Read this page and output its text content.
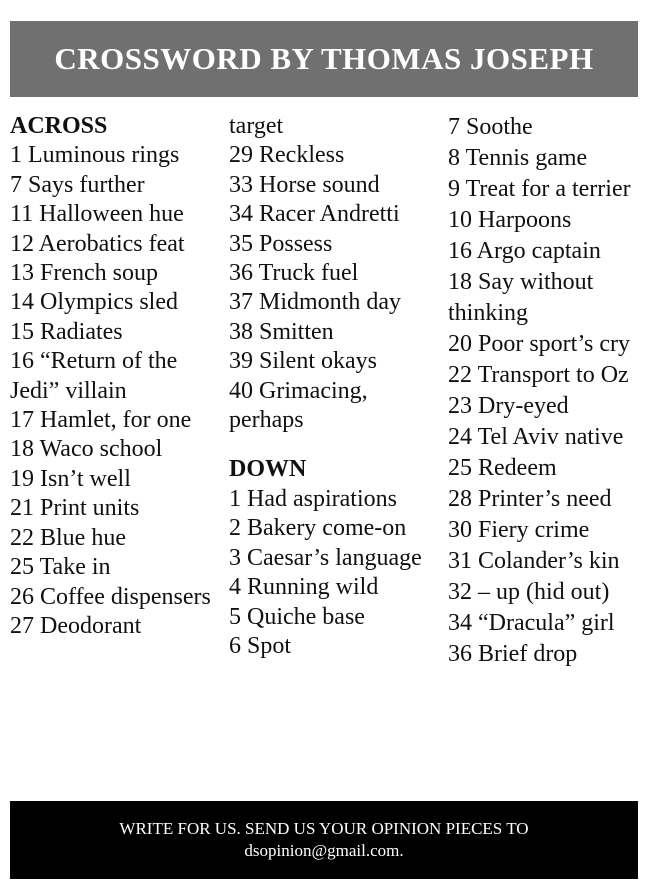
CROSSWORD BY THOMAS JOSEPH
ACROSS
1 Luminous rings
7 Says further
11 Halloween hue
12 Aerobatics feat
13 French soup
14 Olympics sled
15 Radiates
16 “Return of the Jedi” villain
17 Hamlet, for one
18 Waco school
19 Isn’t well
21 Print units
22 Blue hue
25 Take in
26 Coffee dispensers
27 Deodorant
target
29 Reckless
33 Horse sound
34 Racer Andretti
35 Possess
36 Truck fuel
37 Midmonth day
38 Smitten
39 Silent okays
40 Grimacing, perhaps
DOWN
1 Had aspirations
2 Bakery come-on
3 Caesar’s language
4 Running wild
5 Quiche base
6 Spot
7 Soothe
8 Tennis game
9 Treat for a terrier
10 Harpoons
16 Argo captain
18 Say without thinking
20 Poor sport’s cry
22 Transport to Oz
23 Dry-eyed
24 Tel Aviv native
25 Redeem
28 Printer’s need
30 Fiery crime
31 Colander’s kin
32 – up (hid out)
34 “Dracula” girl
36 Brief drop
WRITE FOR US. SEND US YOUR OPINION PIECES TO
dsopinion@gmail.com.
